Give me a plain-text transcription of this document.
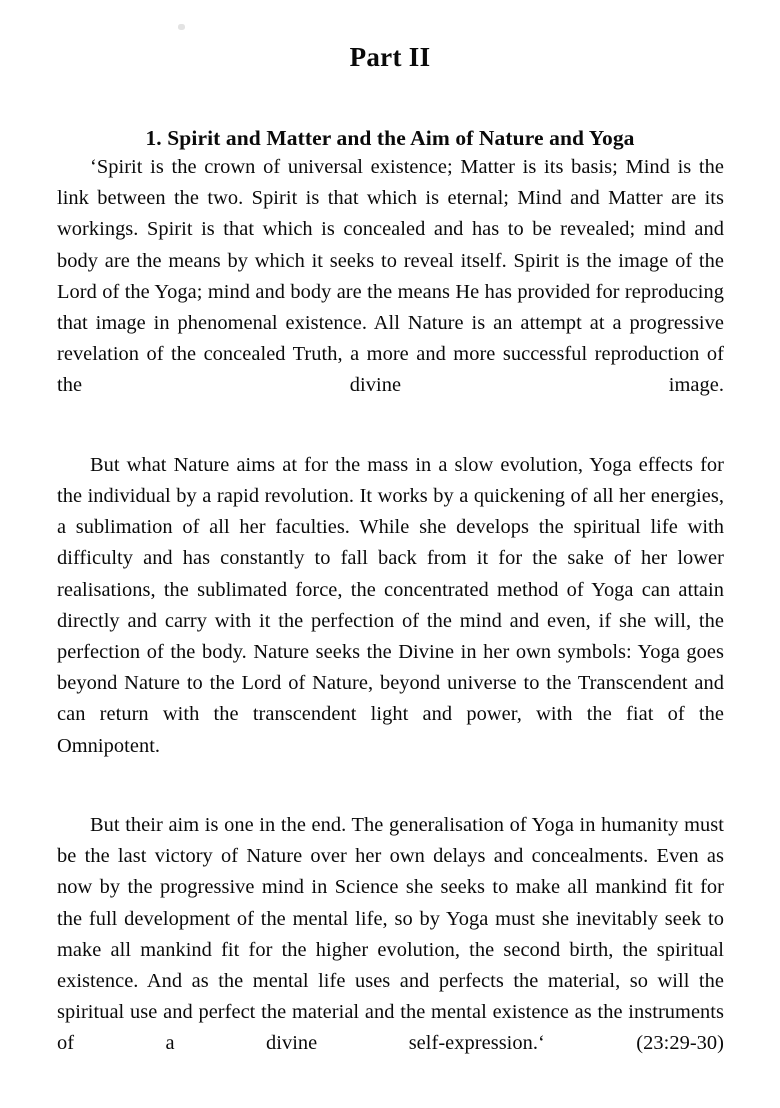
Part II
1. Spirit and Matter and the Aim of Nature and Yoga

‘Spirit is the crown of universal existence; Matter is its basis; Mind is the link between the two. Spirit is that which is eternal; Mind and Matter are its workings. Spirit is that which is concealed and has to be revealed; mind and body are the means by which it seeks to reveal itself. Spirit is the image of the Lord of the Yoga; mind and body are the means He has provided for reproducing that image in phenomenal existence. All Nature is an attempt at a progressive revelation of the concealed Truth, a more and more successful reproduction of the divine image.

But what Nature aims at for the mass in a slow evolution, Yoga effects for the individual by a rapid revolution. It works by a quickening of all her energies, a sublimation of all her faculties. While she develops the spiritual life with difficulty and has constantly to fall back from it for the sake of her lower realisations, the sublimated force, the concentrated method of Yoga can attain directly and carry with it the perfection of the mind and even, if she will, the perfection of the body. Nature seeks the Divine in her own symbols: Yoga goes beyond Nature to the Lord of Nature, beyond universe to the Transcendent and can return with the transcendent light and power, with the fiat of the Omnipotent.

But their aim is one in the end. The generalisation of Yoga in humanity must be the last victory of Nature over her own delays and concealments. Even as now by the progressive mind in Science she seeks to make all mankind fit for the full development of the mental life, so by Yoga must she inevitably seek to make all mankind fit for the higher evolution, the second birth, the spiritual existence. And as the mental life uses and perfects the material, so will the spiritual use and perfect the material and the mental existence as the instruments of a divine self-expression.‘ (23:29-30)
